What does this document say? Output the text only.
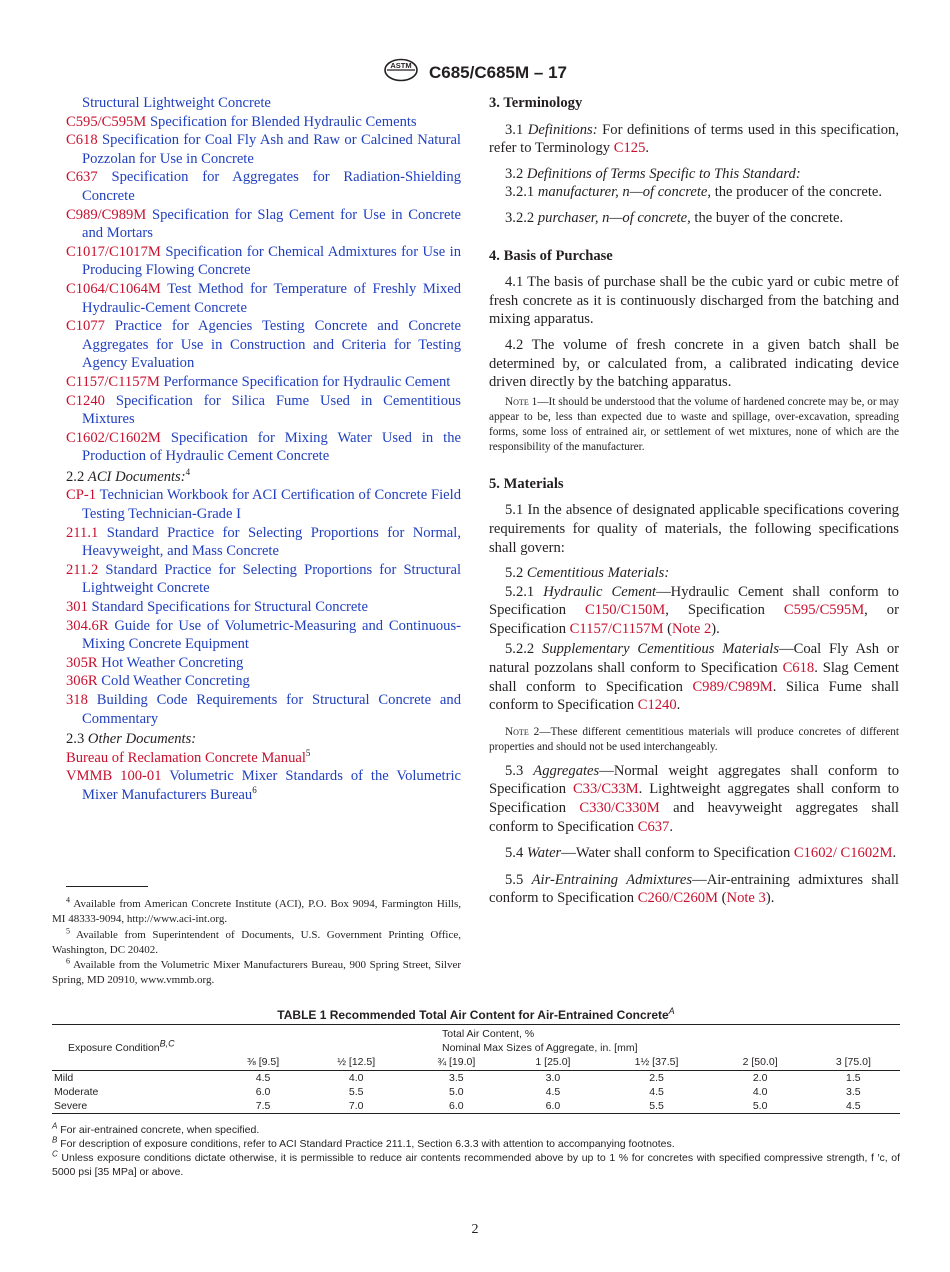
ASTM C685/C685M – 17
Structural Lightweight Concrete
C595/C595M Specification for Blended Hydraulic Cements
C618 Specification for Coal Fly Ash and Raw or Calcined Natural Pozzolan for Use in Concrete
C637 Specification for Aggregates for Radiation-Shielding Concrete
C989/C989M Specification for Slag Cement for Use in Concrete and Mortars
C1017/C1017M Specification for Chemical Admixtures for Use in Producing Flowing Concrete
C1064/C1064M Test Method for Temperature of Freshly Mixed Hydraulic-Cement Concrete
C1077 Practice for Agencies Testing Concrete and Concrete Aggregates for Use in Construction and Criteria for Testing Agency Evaluation
C1157/C1157M Performance Specification for Hydraulic Cement
C1240 Specification for Silica Fume Used in Cementitious Mixtures
C1602/C1602M Specification for Mixing Water Used in the Production of Hydraulic Cement Concrete
2.2 ACI Documents:$^4$
CP-1 Technician Workbook for ACI Certification of Concrete Field Testing Technician-Grade I
211.1 Standard Practice for Selecting Proportions for Normal, Heavyweight, and Mass Concrete
211.2 Standard Practice for Selecting Proportions for Structural Lightweight Concrete
301 Standard Specifications for Structural Concrete
304.6R Guide for Use of Volumetric-Measuring and Continuous-Mixing Concrete Equipment
305R Hot Weather Concreting
306R Cold Weather Concreting
318 Building Code Requirements for Structural Concrete and Commentary
2.3 Other Documents:
Bureau of Reclamation Concrete Manual$^5$
VMMB 100-01 Volumetric Mixer Standards of the Volumetric Mixer Manufacturers Bureau$^6$
$^4$ Available from American Concrete Institute (ACI), P.O. Box 9094, Farmington Hills, MI 48333-9094, http://www.aci-int.org.
$^5$ Available from Superintendent of Documents, U.S. Government Printing Office, Washington, DC 20402.
$^6$ Available from the Volumetric Mixer Manufacturers Bureau, 900 Spring Street, Silver Spring, MD 20910, www.vmmb.org.
3. Terminology

3.1 Definitions: For definitions of terms used in this specification, refer to Terminology C125.

3.2 Definitions of Terms Specific to This Standard:

3.2.1 manufacturer, n—of concrete, the producer of the concrete.

3.2.2 purchaser, n—of concrete, the buyer of the concrete.

4. Basis of Purchase

4.1 The basis of purchase shall be the cubic yard or cubic metre of fresh concrete as it is continuously discharged from the batching and mixing apparatus.

4.2 The volume of fresh concrete in a given batch shall be determined by, or calculated from, a calibrated indicating device driven directly by the batching apparatus.

Note 1—It should be understood that the volume of hardened concrete may be, or may appear to be, less than expected due to waste and spillage, over-excavation, spreading forms, some loss of entrained air, or settlement of wet mixtures, none of which are the responsibility of the manufacturer.

5. Materials

5.1 In the absence of designated applicable specifications covering requirements for quality of materials, the following specifications shall govern:

5.2 Cementitious Materials:

5.2.1 Hydraulic Cement—Hydraulic Cement shall conform to Specification C150/C150M, Specification C595/C595M, or Specification C1157/C1157M (Note 2).

5.2.2 Supplementary Cementitious Materials—Coal Fly Ash or natural pozzolans shall conform to Specification C618. Slag Cement shall conform to Specification C989/C989M. Silica Fume shall conform to Specification C1240.

Note 2—These different cementitious materials will produce concretes of different properties and should not be used interchangeably.

5.3 Aggregates—Normal weight aggregates shall conform to Specification C33/C33M. Lightweight aggregates shall conform to Specification C330/C330M and heavyweight aggregates shall conform to Specification C637.

5.4 Water—Water shall conform to Specification C1602/ C1602M.

5.5 Air-Entraining Admixtures—Air-entraining admixtures shall conform to Specification C260/C260M (Note 3).

TABLE 1 Recommended Total Air Content for Air-Entrained Concrete$^A$
Exposure ConditionB,C	Total Air Content, %
Nominal Max Sizes of Aggregate, in. [mm]						

	⅜ [9.5]	½ [12.5]	¾ [19.0]	1 [25.0]	1½ [37.5]	2 [50.0]	3 [75.0]
Mild	4.5	4.0	3.5	3.0	2.5	2.0	1.5
Moderate	6.0	5.5	5.0	4.5	4.5	4.0	3.5
Severe	7.5	7.0	6.0	6.0	5.5	5.0	4.5
$^A$ For air-entrained concrete, when specified.
$^B$ For description of exposure conditions, refer to ACI Standard Practice 211.1, Section 6.3.3 with attention to accompanying footnotes.
$^C$ Unless exposure conditions dictate otherwise, it is permissible to reduce air contents recommended above by up to 1 % for concretes with specified compressive strength, f ′c, of 5000 psi [35 MPa] or above.
2
